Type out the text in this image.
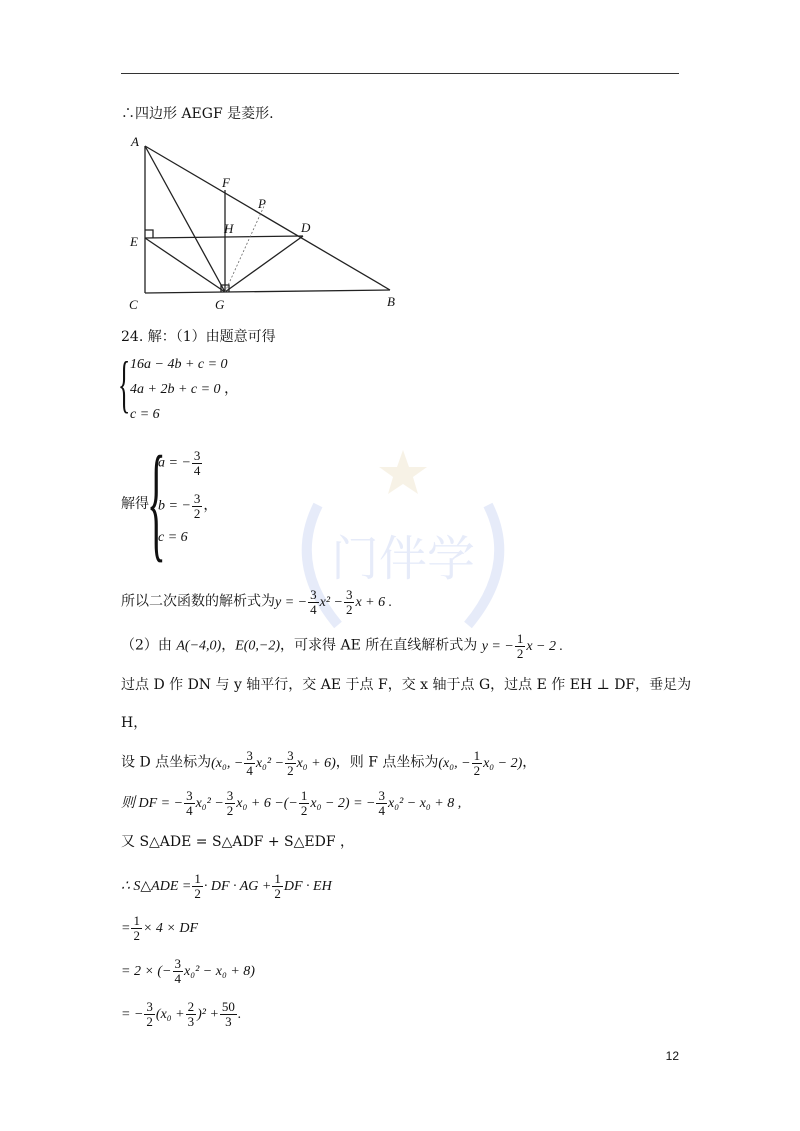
∴四边形 AEGF 是菱形.
A
F
P
D
E
H
C	G	B
24. 解：（1）由题意可得
{ 16a − 4b + c = 0
4a + 2b + c = 0 ，
c = 6
解得
{
a = − $\frac{3}{4}$
b = − $\frac{3}{2}$ ，
c = 6	门伴学
所以二次函数的解析式为y = − $\frac{3}{4} x^2 - \frac{3}{2}$ x + 6 .
（2）由 A(−4,0)，E(0,−2)，可求得 AE 所在直线解析式为 y = − $\frac{1}{2}$ x − 2 .
过点 D 作 DN 与 y 轴平行，交 AE 于点 F，交 x 轴于点 G，过点 E 作 EH ⊥ DF，垂足为
H，
设 D 点坐标为(x₀, − $\frac{3}{4} x_0^2 - \frac{3}{2} x_0 + 6$)，则 F 点坐标为(x₀, − $\frac{1}{2} x_0 - 2$)，
则 DF = − $\frac{3}{4} x_0^2 - \frac{3}{2} x_0 + 6$ −(− $\frac{1}{2} x_0 - 2$) = − $\frac{3}{4} x_0^2 - x_0 + 8$ ,
又 S△ADE = S△ADF + S△EDF ，
∴ S△ADE = $\frac{1}{2}$ · DF · AG + $\frac{1}{2}$ DF · EH
= $\frac{1}{2} \times 4$ × DF
= 2 × (− $\frac{3}{4} x_0^2 - x_0 + 8$)
= − $\frac{3}{2} (x_0 + \frac{2}{3} )^2 + \frac{50}{3}$ .
12
